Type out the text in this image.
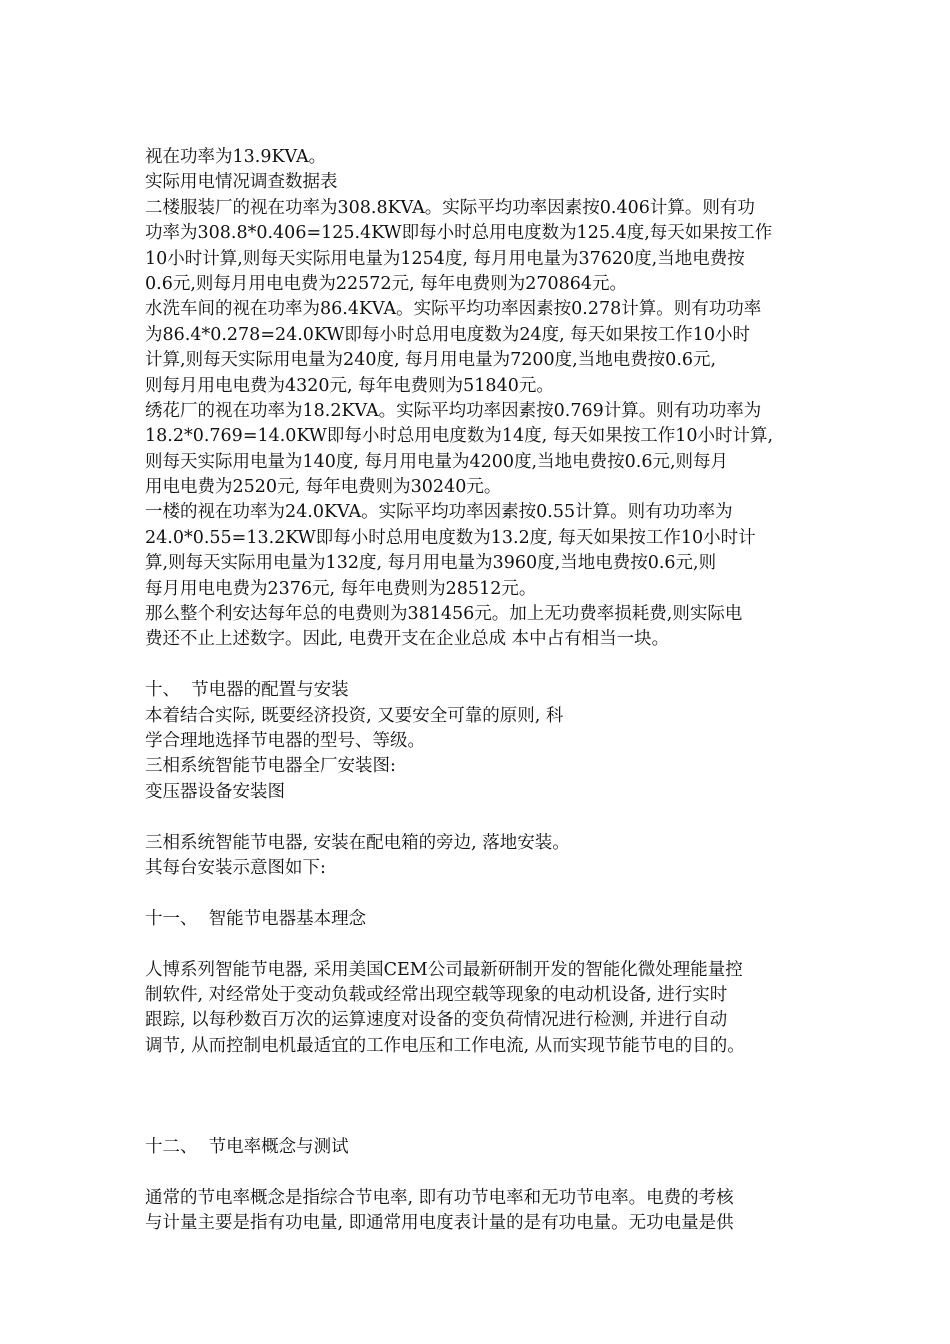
视在功率为13.9KVA。
实际用电情况调查数据表
二楼服装厂的视在功率为308.8KVA。实际平均功率因素按0.406计算。则有功
功率为308.8*0.406=125.4KW即每小时总用电度数为125.4度,每天如果按工作
10小时计算,则每天实际用电量为1254度, 每月用电量为37620度,当地电费按
0.6元,则每月用电电费为22572元, 每年电费则为270864元。
水洗车间的视在功率为86.4KVA。实际平均功率因素按0.278计算。则有功功率
为86.4*0.278=24.0KW即每小时总用电度数为24度, 每天如果按工作10小时
计算,则每天实际用电量为240度, 每月用电量为7200度,当地电费按0.6元,
则每月用电电费为4320元, 每年电费则为51840元。
绣花厂的视在功率为18.2KVA。实际平均功率因素按0.769计算。则有功功率为
18.2*0.769=14.0KW即每小时总用电度数为14度, 每天如果按工作10小时计算,
则每天实际用电量为140度, 每月用电量为4200度,当地电费按0.6元,则每月
用电电费为2520元, 每年电费则为30240元。
一楼的视在功率为24.0KVA。实际平均功率因素按0.55计算。则有功功率为
24.0*0.55=13.2KW即每小时总用电度数为13.2度, 每天如果按工作10小时计
算,则每天实际用电量为132度, 每月用电量为3960度,当地电费按0.6元,则
每月用电电费为2376元, 每年电费则为28512元。
那么整个利安达每年总的电费则为381456元。加上无功费率损耗费,则实际电
费还不止上述数字。因此, 电费开支在企业总成 本中占有相当一块。
十、  节电器的配置与安装
本着结合实际, 既要经济投资, 又要安全可靠的原则, 科
学合理地选择节电器的型号、等级。
三相系统智能节电器全厂安装图:
变压器设备安装图
三相系统智能节电器, 安装在配电箱的旁边, 落地安装。
其每台安装示意图如下:
十一、  智能节电器基本理念
人博系列智能节电器, 采用美国CEM公司最新研制开发的智能化微处理能量控
制软件, 对经常处于变动负载或经常出现空载等现象的电动机设备, 进行实时
跟踪, 以每秒数百万次的运算速度对设备的变负荷情况进行检测, 并进行自动
调节, 从而控制电机最适宜的工作电压和工作电流, 从而实现节能节电的目的。
十二、  节电率概念与测试
通常的节电率概念是指综合节电率, 即有功节电率和无功节电率。电费的考核
与计量主要是指有功电量, 即通常用电度表计量的是有功电量。无功电量是供
